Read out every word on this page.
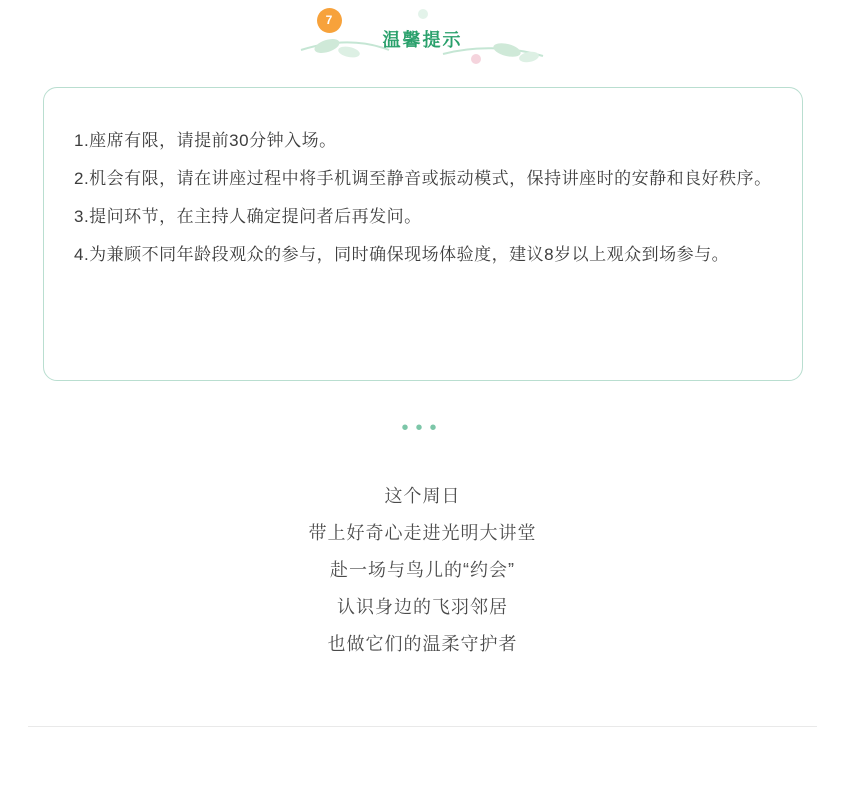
7
温馨提示
1.座席有限，请提前30分钟入场。
2.机会有限，请在讲座过程中将手机调至静音或振动模式，保持讲座时的安静和良好秩序。
3.提问环节，在主持人确定提问者后再发问。
4.为兼顾不同年龄段观众的参与，同时确保现场体验度，建议8岁以上观众到场参与。
•••
这个周日
带上好奇心走进光明大讲堂
赴一场与鸟儿的“约会”
认识身边的飞羽邻居
也做它们的温柔守护者
